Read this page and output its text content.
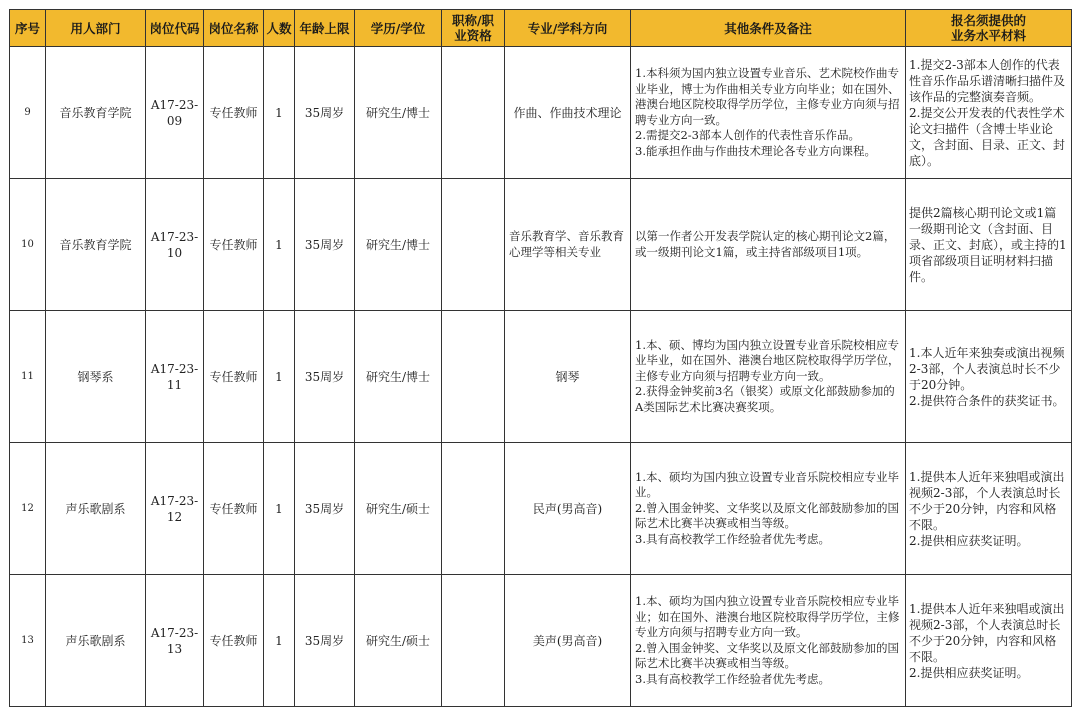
序号	用人部门	岗位代码	岗位名称	人数	年龄上限	学历/学位	职称/职
业资格	专业/学科方向	其他条件及备注	报名须提供的
业务水平材料
9	音乐教育学院	A17-23-
09	专任教师	1	35周岁	研究生/博士		作曲、作曲技术理论	1.本科须为国内独立设置专业音乐、艺术院校作曲专业毕业，博士为作曲相关专业方向毕业；如在国外、港澳台地区院校取得学历学位，主修专业方向须与招聘专业方向一致。
2.需提交2-3部本人创作的代表性音乐作品。
3.能承担作曲与作曲技术理论各专业方向课程。	1.提交2-3部本人创作的代表性音乐作品乐谱清晰扫描件及该作品的完整演奏音频。
2.提交公开发表的代表性学术论文扫描件（含博士毕业论文，含封面、目录、正文、封底）。
10	音乐教育学院	A17-23-
10	专任教师	1	35周岁	研究生/博士		音乐教育学、音乐教育心理学等相关专业	以第一作者公开发表学院认定的核心期刊论文2篇，或一级期刊论文1篇，或主持省部级项目1项。	提供2篇核心期刊论文或1篇一级期刊论文（含封面、目录、正文、封底），或主持的1项省部级项目证明材料扫描件。
11	钢琴系	A17-23-
11	专任教师	1	35周岁	研究生/博士		钢琴	1.本、硕、博均为国内独立设置专业音乐院校相应专业毕业，如在国外、港澳台地区院校取得学历学位，主修专业方向须与招聘专业方向一致。
2.获得金钟奖前3名（银奖）或原文化部鼓励参加的A类国际艺术比赛决赛奖项。	1.本人近年来独奏或演出视频2-3部，个人表演总时长不少于20分钟。
2.提供符合条件的获奖证书。
12	声乐歌剧系	A17-23-
12	专任教师	1	35周岁	研究生/硕士		民声(男高音)	1.本、硕均为国内独立设置专业音乐院校相应专业毕业。
2.曾入围金钟奖、文华奖以及原文化部鼓励参加的国际艺术比赛半决赛或相当等级。
3.具有高校教学工作经验者优先考虑。	1.提供本人近年来独唱或演出视频2-3部，个人表演总时长不少于20分钟，内容和风格不限。
2.提供相应获奖证明。
13	声乐歌剧系	A17-23-
13	专任教师	1	35周岁	研究生/硕士		美声(男高音)	1.本、硕均为国内独立设置专业音乐院校相应专业毕业；如在国外、港澳台地区院校取得学历学位，主修专业方向须与招聘专业方向一致。
2.曾入围金钟奖、文华奖以及原文化部鼓励参加的国际艺术比赛半决赛或相当等级。
3.具有高校教学工作经验者优先考虑。	1.提供本人近年来独唱或演出视频2-3部，个人表演总时长不少于20分钟，内容和风格不限。
2.提供相应获奖证明。
